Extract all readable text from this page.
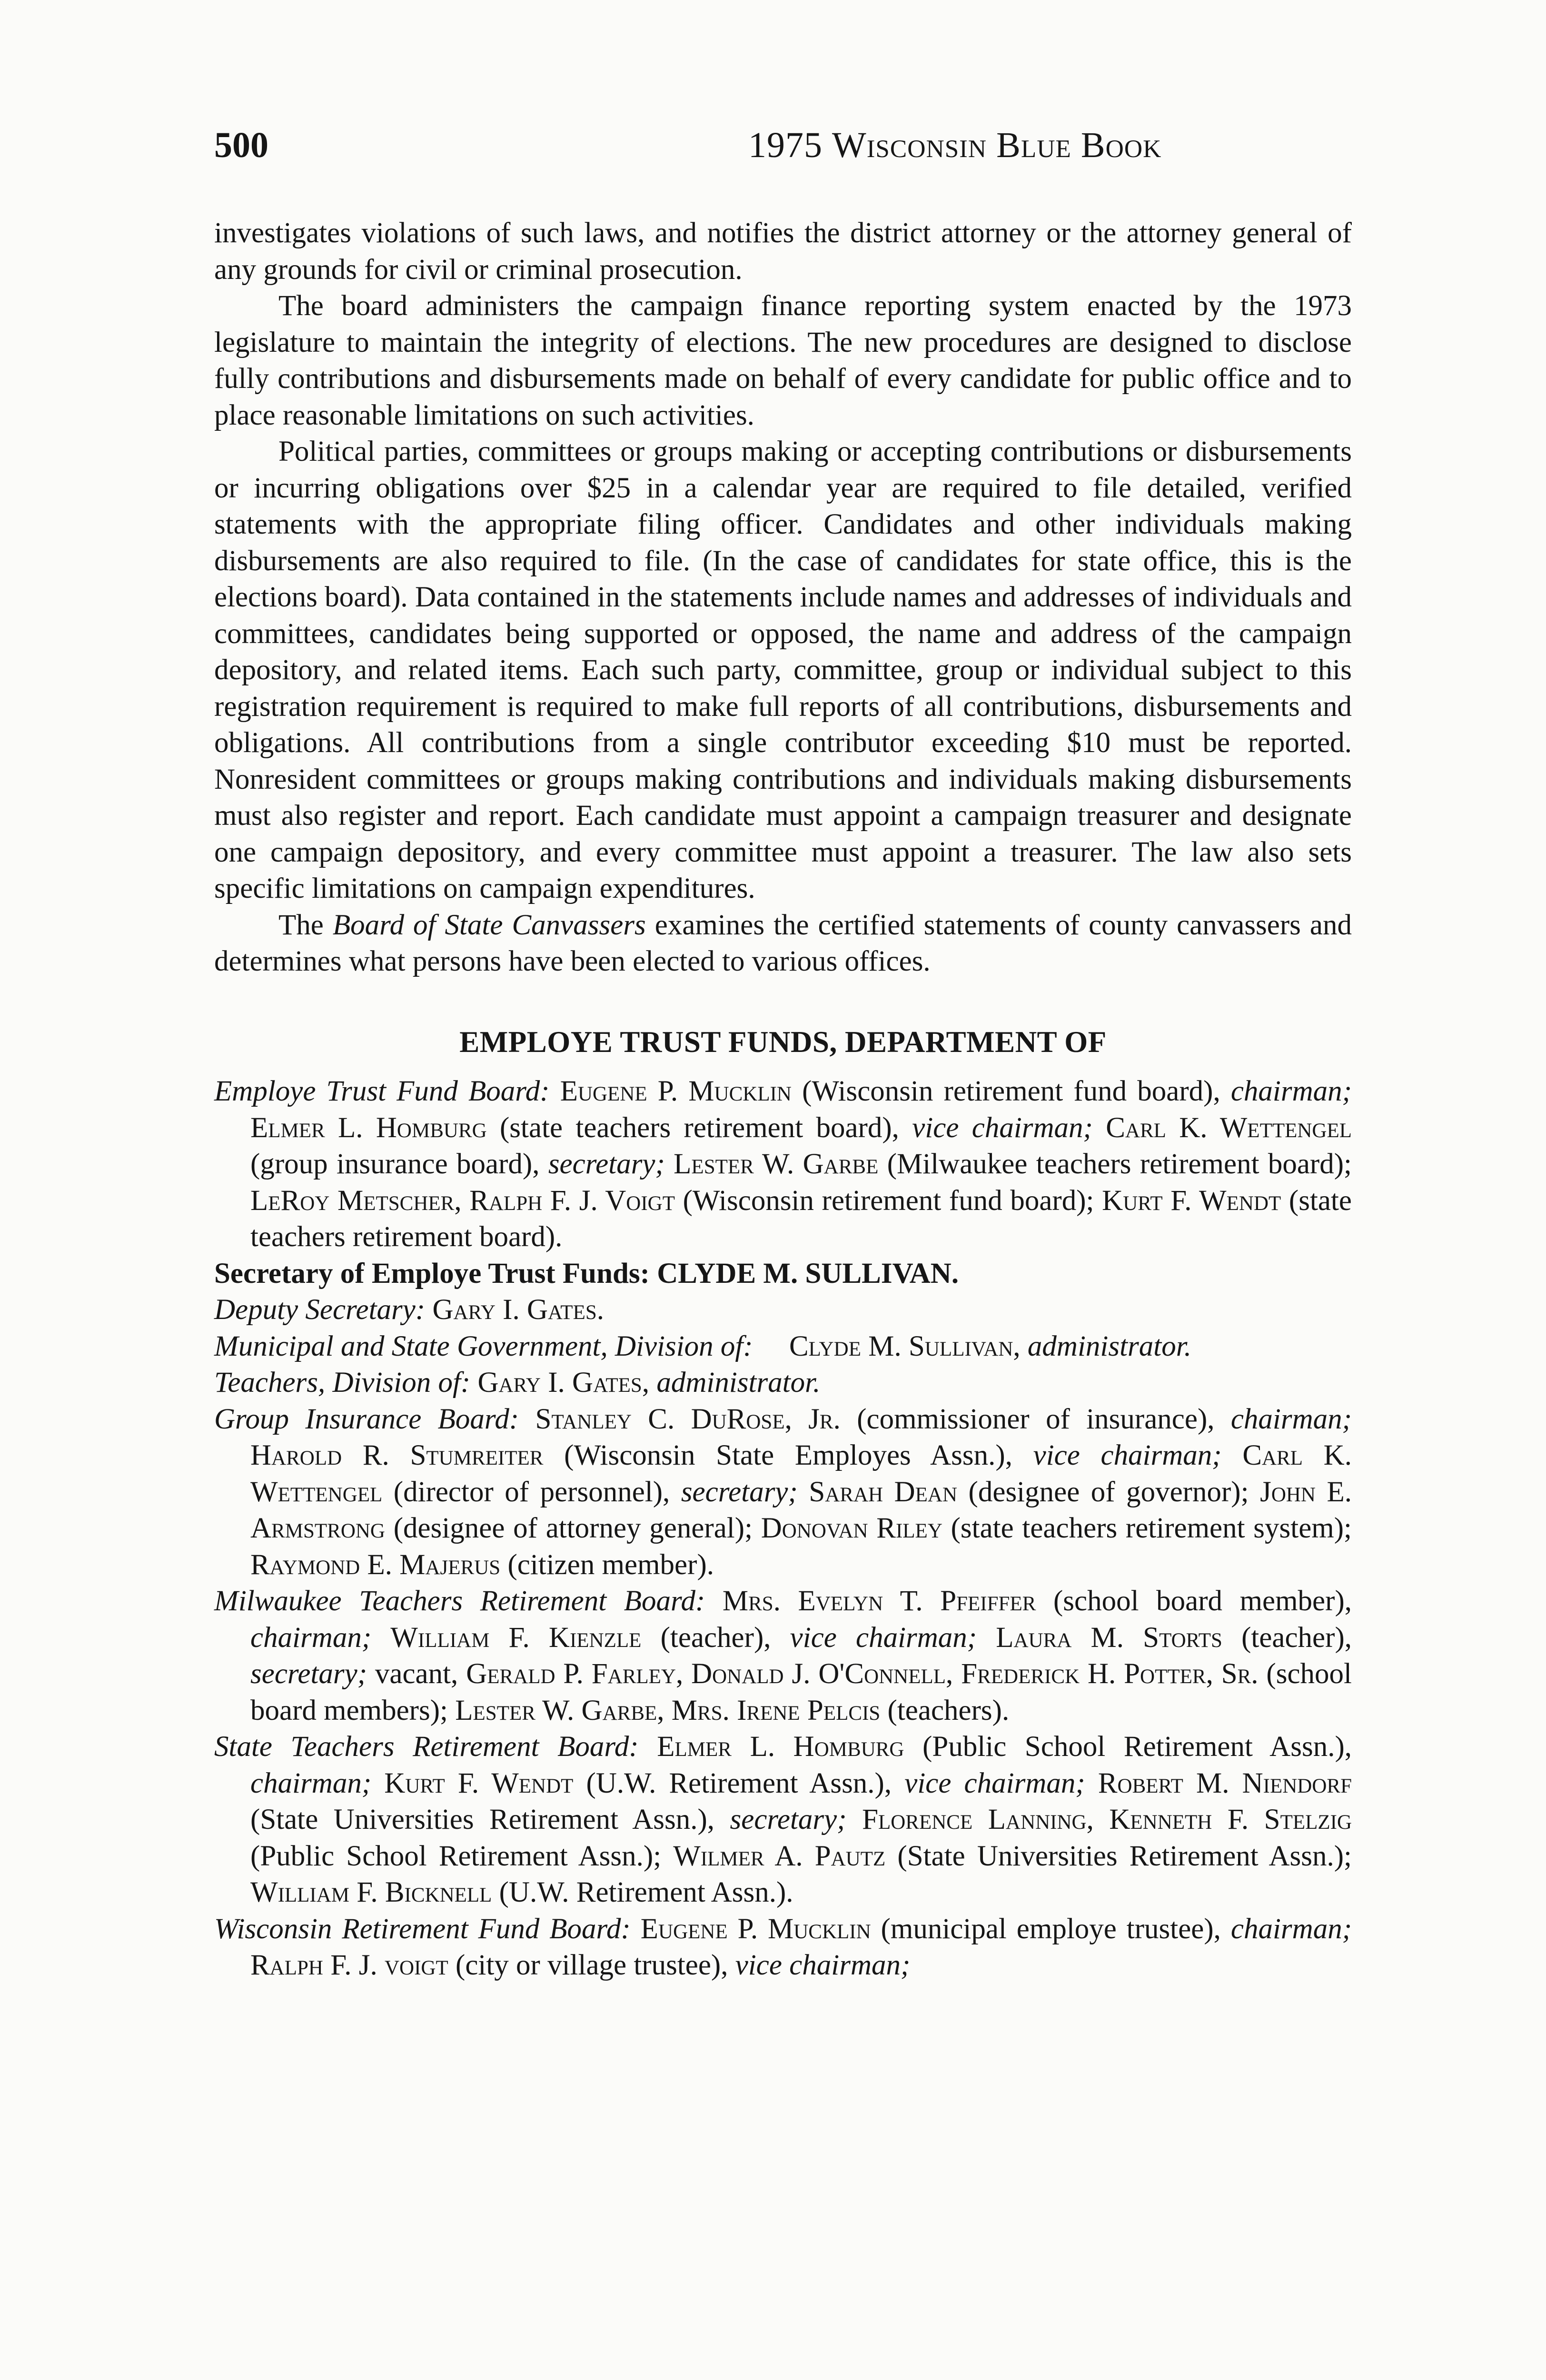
500	1975 Wisconsin Blue Book

investigates violations of such laws, and notifies the district attorney or the attorney general of any grounds for civil or criminal prosecution.

The board administers the campaign finance reporting system enacted by the 1973 legislature to maintain the integrity of elections. The new procedures are designed to disclose fully contributions and disbursements made on behalf of every candidate for public office and to place reasonable limitations on such activities.

Political parties, committees or groups making or accepting contributions or disbursements or incurring obligations over $25 in a calendar year are required to file detailed, verified statements with the appropriate filing officer. Candidates and other individuals making disbursements are also required to file. (In the case of candidates for state office, this is the elections board). Data contained in the statements include names and addresses of individuals and committees, candidates being supported or opposed, the name and address of the campaign depository, and related items. Each such party, committee, group or individual subject to this registration requirement is required to make full reports of all contributions, disbursements and obligations. All contributions from a single contributor exceeding $10 must be reported. Nonresident committees or groups making contributions and individuals making disbursements must also register and report. Each candidate must appoint a campaign treasurer and designate one campaign depository, and every committee must appoint a treasurer. The law also sets specific limitations on campaign expenditures.

The Board of State Canvassers examines the certified statements of county canvassers and determines what persons have been elected to various offices.

EMPLOYE TRUST FUNDS, DEPARTMENT OF

Employe Trust Fund Board: Eugene P. Mucklin (Wisconsin retirement fund board), chairman; Elmer L. Homburg (state teachers retirement board), vice chairman; Carl K. Wettengel (group insurance board), secretary; Lester W. Garbe (Milwaukee teachers retirement board); LeRoy Metscher, Ralph F. J. Voigt (Wisconsin retirement fund board); Kurt F. Wendt (state teachers retirement board).

Secretary of Employe Trust Funds: CLYDE M. SULLIVAN.

Deputy Secretary: Gary I. Gates.

Municipal and State Government, Division of: Clyde M. Sullivan, administrator.

Teachers, Division of: Gary I. Gates, administrator.

Group Insurance Board: Stanley C. DuRose, Jr. (commissioner of insurance), chairman; Harold R. Stumreiter (Wisconsin State Employes Assn.), vice chairman; Carl K. Wettengel (director of personnel), secretary; Sarah Dean (designee of governor); John E. Armstrong (designee of attorney general); Donovan Riley (state teachers retirement system); Raymond E. Majerus (citizen member).

Milwaukee Teachers Retirement Board: Mrs. Evelyn T. Pfeiffer (school board member), chairman; William F. Kienzle (teacher), vice chairman; Laura M. Storts (teacher), secretary; vacant, Gerald P. Farley, Donald J. O'Connell, Frederick H. Potter, Sr. (school board members); Lester W. Garbe, Mrs. Irene Pelcis (teachers).

State Teachers Retirement Board: Elmer L. Homburg (Public School Retirement Assn.), chairman; Kurt F. Wendt (U.W. Retirement Assn.), vice chairman; Robert M. Niendorf (State Universities Retirement Assn.), secretary; Florence Lanning, Kenneth F. Stelzig (Public School Retirement Assn.); Wilmer A. Pautz (State Universities Retirement Assn.); William F. Bicknell (U.W. Retirement Assn.).

Wisconsin Retirement Fund Board: Eugene P. Mucklin (municipal employe trustee), chairman; Ralph F. J. voigt (city or village trustee), vice chairman;
